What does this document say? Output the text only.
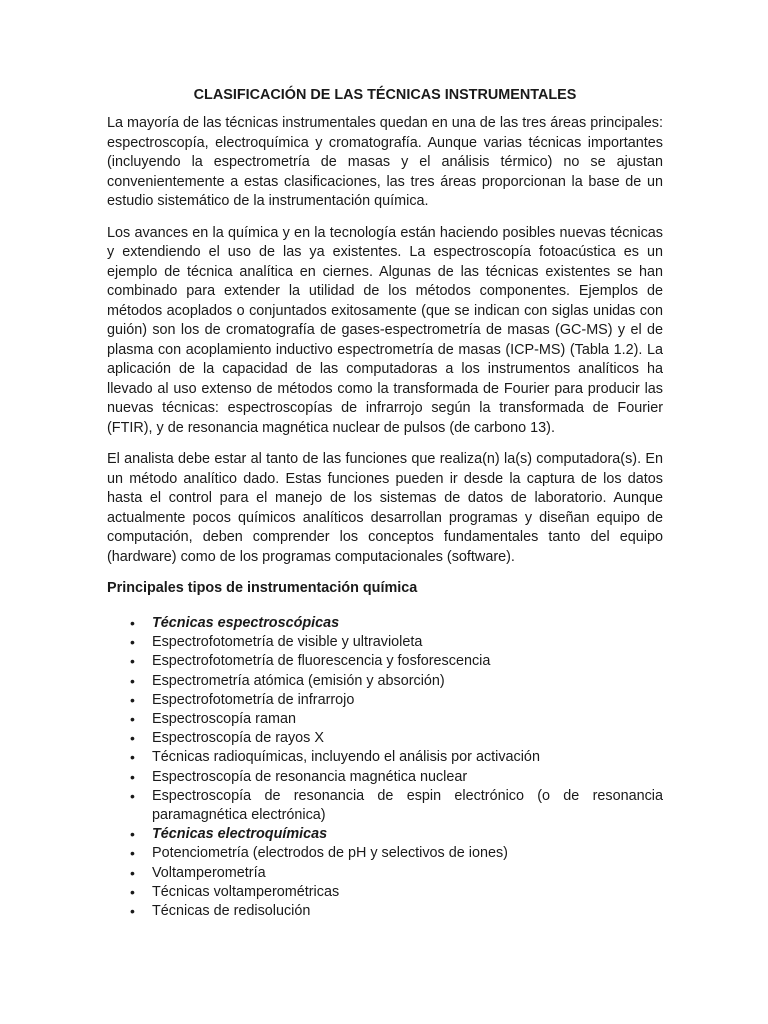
CLASIFICACIÓN DE LAS TÉCNICAS INSTRUMENTALES

La mayoría de las técnicas instrumentales quedan en una de las tres áreas principales: espectroscopía, electroquímica y cromatografía. Aunque varias técnicas importantes (incluyendo la espectrometría de masas y el análisis térmico) no se ajustan convenientemente a estas clasificaciones, las tres áreas proporcionan la base de un estudio sistemático de la instrumentación química.

Los avances en la química y en la tecnología están haciendo posibles nuevas técnicas y extendiendo el uso de las ya existentes. La espectroscopía fotoacústica es un ejemplo de técnica analítica en ciernes. Algunas de las técnicas existentes se han combinado para extender la utilidad de los métodos componentes. Ejemplos de métodos acoplados o conjuntados exitosamente (que se indican con siglas unidas con guión) son los de cromatografía de gases-espectrometría de masas (GC-MS) y el de plasma con acoplamiento inductivo espectrometría de masas (ICP-MS) (Tabla 1.2). La aplicación de la capacidad de las computadoras a los instrumentos analíticos ha llevado al uso extenso de métodos como la transformada de Fourier para producir las nuevas técnicas: espectroscopías de infrarrojo según la transformada de Fourier (FTIR), y de resonancia magnética nuclear de pulsos (de carbono 13).

El analista debe estar al tanto de las funciones que realiza(n) la(s) computadora(s). En un método analítico dado. Estas funciones pueden ir desde la captura de los datos hasta el control para el manejo de los sistemas de datos de laboratorio. Aunque actualmente pocos químicos analíticos desarrollan programas y diseñan equipo de computación, deben comprender los conceptos fundamentales tanto del equipo (hardware) como de los programas computacionales (software).

Principales tipos de instrumentación química
• Técnicas espectroscópicas
• Espectrofotometría de visible y ultravioleta
• Espectrofotometría de fluorescencia y fosforescencia
• Espectrometría atómica (emisión y absorción)
• Espectrofotometría de infrarrojo
• Espectroscopía raman
• Espectroscopía de rayos X
• Técnicas radioquímicas, incluyendo el análisis por activación
• Espectroscopía de resonancia magnética nuclear
• Espectroscopía de resonancia de espin electrónico (o de resonancia paramagnética electrónica)
• Técnicas electroquímicas
• Potenciometría (electrodos de pH y selectivos de iones)
• Voltamperometría
• Técnicas voltamperométricas
• Técnicas de redisolución
